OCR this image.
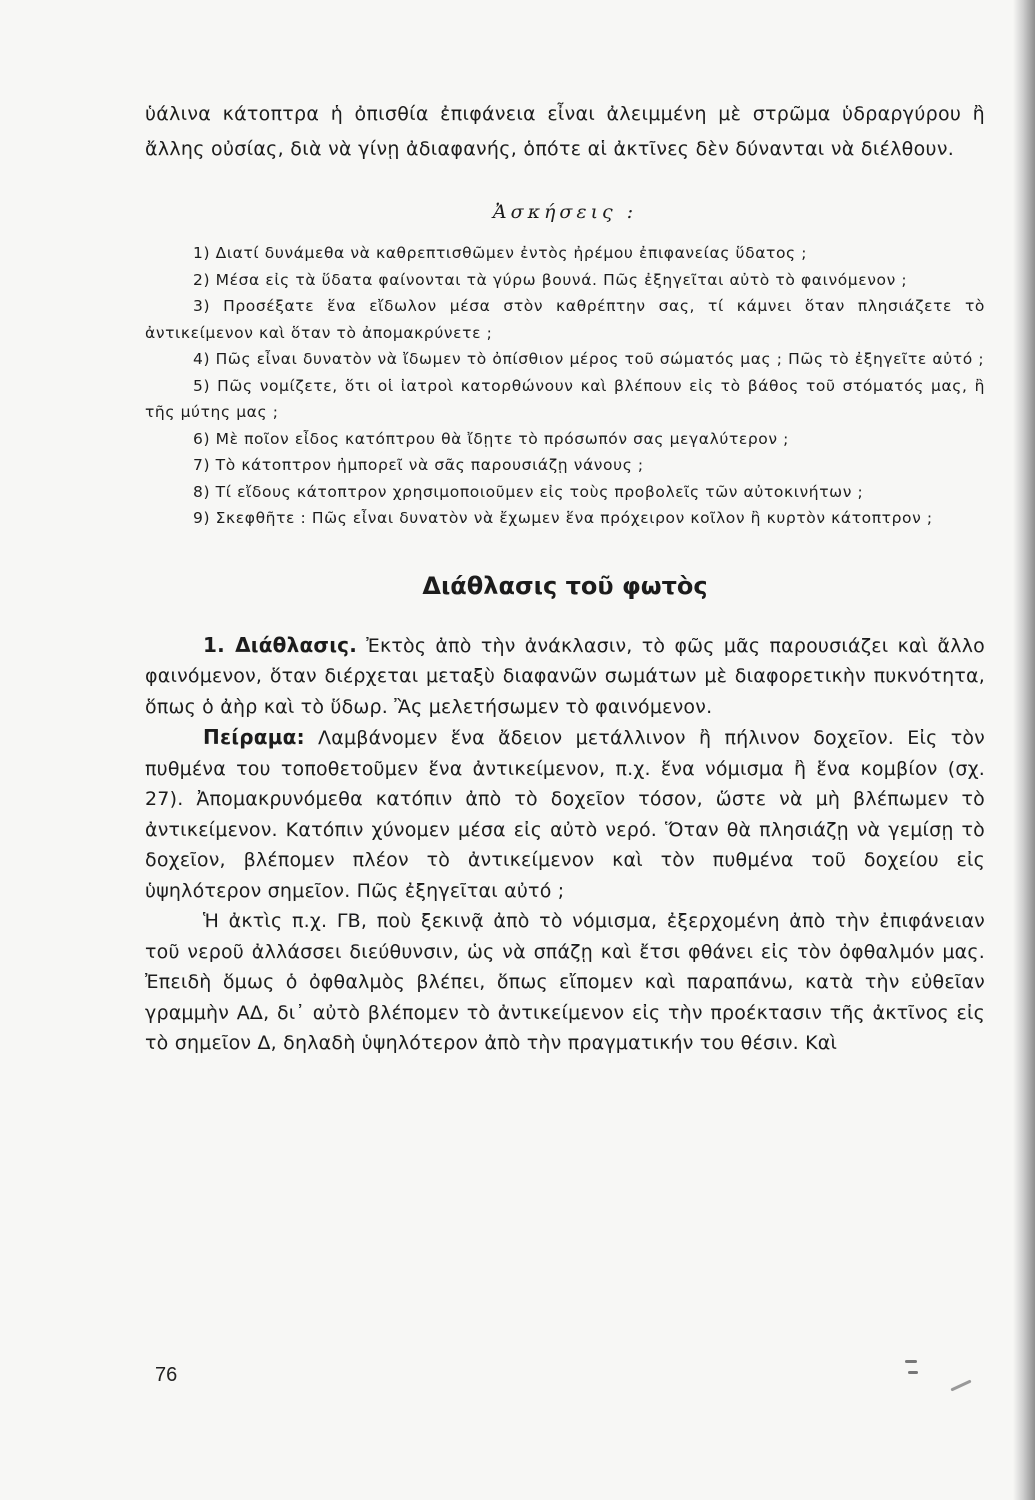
ὑάλινα κάτοπτρα ἡ ὀπισθία ἐπιφάνεια εἶναι ἀλειμμένη μὲ στρῶμα ὑδραργύρου ἢ ἄλλης οὐσίας, διὰ νὰ γίνῃ ἀδιαφανής, ὁπότε αἱ ἀκτῖνες δὲν δύνανται νὰ διέλθουν.

Ἀσκήσεις :
1) Διατί δυνάμεθα νὰ καθρεπτισθῶμεν ἐντὸς ἠρέμου ἐπιφανείας ὕδατος ;
2) Μέσα εἰς τὰ ὕδατα φαίνονται τὰ γύρω βουνά. Πῶς ἐξηγεῖται αὐτὸ τὸ φαινόμενον ;
3) Προσέξατε ἕνα εἴδωλον μέσα στὸν καθρέπτην σας, τί κάμνει ὅταν πλησιάζετε τὸ ἀντικείμενον καὶ ὅταν τὸ ἀπομακρύνετε ;
4) Πῶς εἶναι δυνατὸν νὰ ἴδωμεν τὸ ὀπίσθιον μέρος τοῦ σώματός μας ; Πῶς τὸ ἐξηγεῖτε αὐτό ;
5) Πῶς νομίζετε, ὅτι οἱ ἰατροὶ κατορθώνουν καὶ βλέπουν εἰς τὸ βάθος τοῦ στόματός μας, ἢ τῆς μύτης μας ;
6) Μὲ ποῖον εἶδος κατόπτρου θὰ ἴδῃτε τὸ πρόσωπόν σας μεγαλύτερον ;
7) Τὸ κάτοπτρον ἠμπορεῖ νὰ σᾶς παρουσιάζῃ νάνους ;
8) Τί εἴδους κάτοπτρον χρησιμοποιοῦμεν εἰς τοὺς προβολεῖς τῶν αὐτοκινήτων ;
9) Σκεφθῆτε : Πῶς εἶναι δυνατὸν νὰ ἔχωμεν ἕνα πρόχειρον κοῖλον ἢ κυρτὸν κάτοπτρον ;
Διάθλασις τοῦ φωτὸς

1. Διάθλασις. Ἐκτὸς ἀπὸ τὴν ἀνάκλασιν, τὸ φῶς μᾶς παρουσιάζει καὶ ἄλλο φαινόμενον, ὅταν διέρχεται μεταξὺ διαφανῶν σωμάτων μὲ διαφορετικὴν πυκνότητα, ὅπως ὁ ἀὴρ καὶ τὸ ὕδωρ. Ἂς μελετήσωμεν τὸ φαινόμενον.

Πείραμα: Λαμβάνομεν ἕνα ἄδειον μετάλλινον ἢ πήλινον δοχεῖον. Εἰς τὸν πυθμένα του τοποθετοῦμεν ἕνα ἀντικείμενον, π.χ. ἕνα νόμισμα ἢ ἕνα κομβίον (σχ. 27). Ἀπομακρυνόμεθα κατόπιν ἀπὸ τὸ δοχεῖον τόσον, ὥστε νὰ μὴ βλέπωμεν τὸ ἀντικείμενον. Κατόπιν χύνομεν μέσα εἰς αὐτὸ νερό. Ὅταν θὰ πλησιάζῃ νὰ γεμίσῃ τὸ δοχεῖον, βλέπομεν πλέον τὸ ἀντικείμενον καὶ τὸν πυθμένα τοῦ δοχείου εἰς ὑψηλότερον σημεῖον. Πῶς ἐξηγεῖται αὐτό ;

Ἡ ἀκτὶς π.χ. ΓΒ, ποὺ ξεκινᾷ ἀπὸ τὸ νόμισμα, ἐξερχομένη ἀπὸ τὴν ἐπιφάνειαν τοῦ νεροῦ ἀλλάσσει διεύθυνσιν, ὡς νὰ σπάζῃ καὶ ἔτσι φθάνει εἰς τὸν ὀφθαλμόν μας. Ἐπειδὴ ὅμως ὁ ὀφθαλμὸς βλέπει, ὅπως εἴπομεν καὶ παραπάνω, κατὰ τὴν εὐθεῖαν γραμμὴν ΑΔ, δι᾽ αὐτὸ βλέπομεν τὸ ἀντικείμενον εἰς τὴν προέκτασιν τῆς ἀκτῖνος εἰς τὸ σημεῖον Δ, δηλαδὴ ὑψηλότερον ἀπὸ τὴν πραγματικήν του θέσιν. Καὶ

76
